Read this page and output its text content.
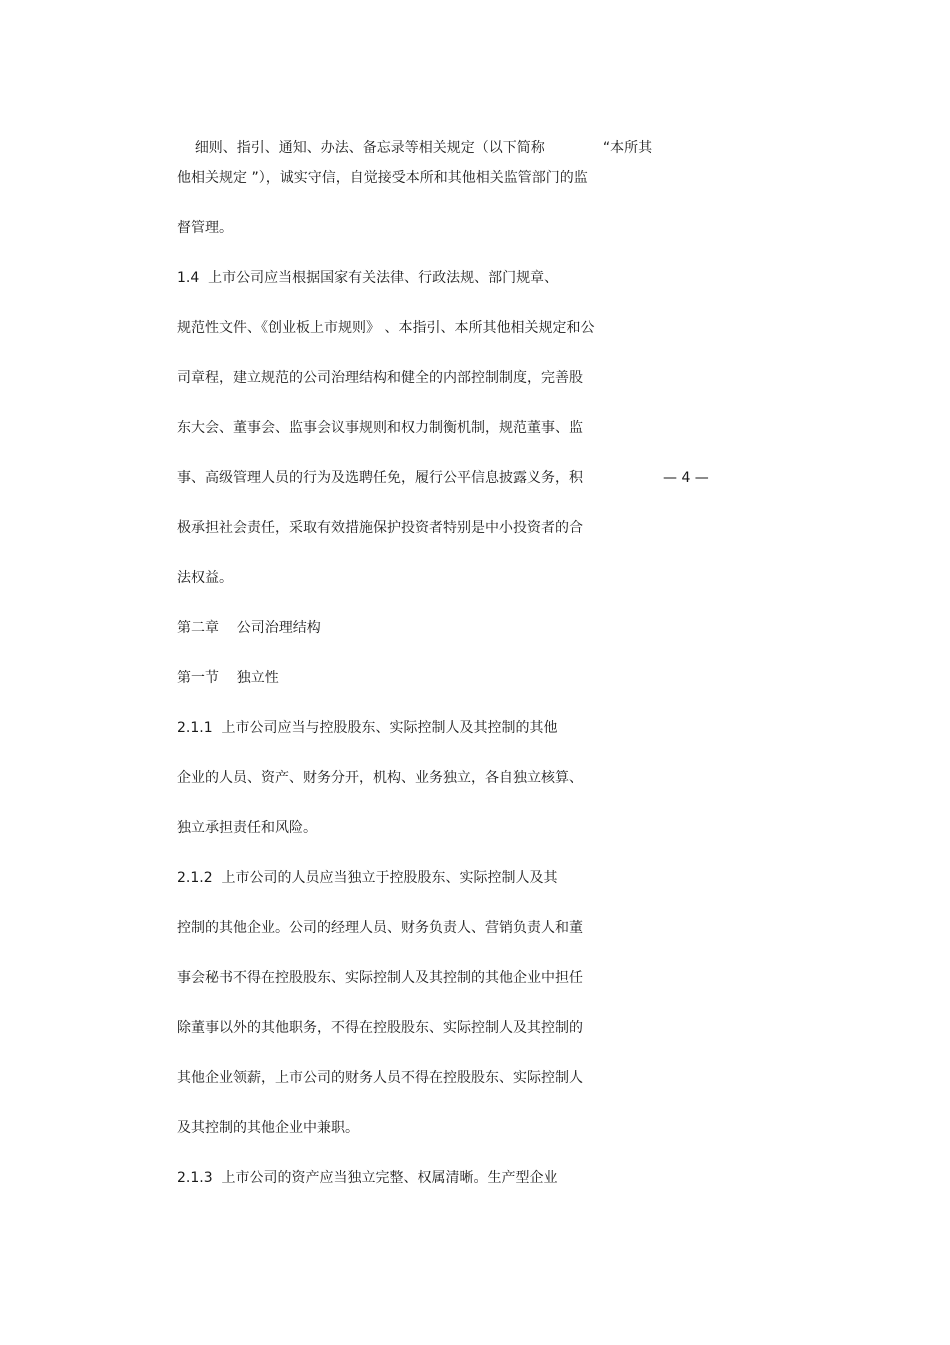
细则、指引、通知、办法、备忘录等相关规定（以下简称	“本所其

他相关规定 ”），诚实守信，自觉接受本所和其他相关监管部门的监
督管理。
1.4  上市公司应当根据国家有关法律、行政法规、部门规章、
规范性文件、《创业板上市规则》 、本指引、本所其他相关规定和公
司章程，建立规范的公司治理结构和健全的内部控制制度，完善股
东大会、董事会、监事会议事规则和权力制衡机制，规范董事、监
事、高级管理人员的行为及选聘任免，履行公平信息披露义务，积	— 4 —
极承担社会责任，采取有效措施保护投资者特别是中小投资者的合
法权益。
第二章    公司治理结构
第一节    独立性
2.1.1  上市公司应当与控股股东、实际控制人及其控制的其他
企业的人员、资产、财务分开，机构、业务独立，各自独立核算、
独立承担责任和风险。
2.1.2  上市公司的人员应当独立于控股股东、实际控制人及其
控制的其他企业。公司的经理人员、财务负责人、营销负责人和董
事会秘书不得在控股股东、实际控制人及其控制的其他企业中担任
除董事以外的其他职务，不得在控股股东、实际控制人及其控制的
其他企业领薪，上市公司的财务人员不得在控股股东、实际控制人
及其控制的其他企业中兼职。
2.1.3  上市公司的资产应当独立完整、权属清晰。生产型企业
